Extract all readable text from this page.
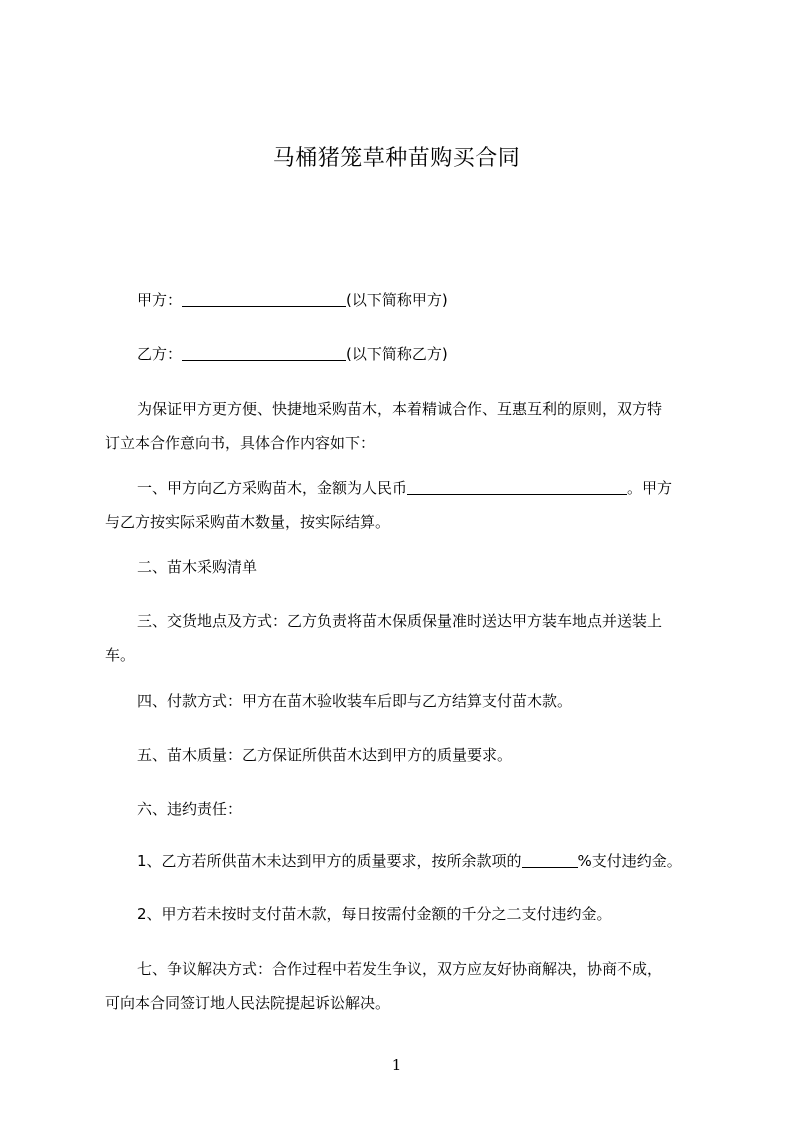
马桶猪笼草种苗购买合同
甲方：	(以下简称甲方)
乙方：	(以下简称乙方)
为保证甲方更方便、快捷地采购苗木，本着精诚合作、互惠互利的原则，双方特
订立本合作意向书，具体合作内容如下：
一、甲方向乙方采购苗木，金额为人民币	。甲方
与乙方按实际采购苗木数量，按实际结算。
二、苗木采购清单
三、交货地点及方式：乙方负责将苗木保质保量准时送达甲方装车地点并送装上
车。
四、付款方式：甲方在苗木验收装车后即与乙方结算支付苗木款。
五、苗木质量：乙方保证所供苗木达到甲方的质量要求。
六、违约责任：
1、乙方若所供苗木未达到甲方的质量要求，按所余款项的	%支付违约金。
2、甲方若未按时支付苗木款，每日按需付金额的千分之二支付违约金。
七、争议解决方式：合作过程中若发生争议，双方应友好协商解决，协商不成，
可向本合同签订地人民法院提起诉讼解决。
1
